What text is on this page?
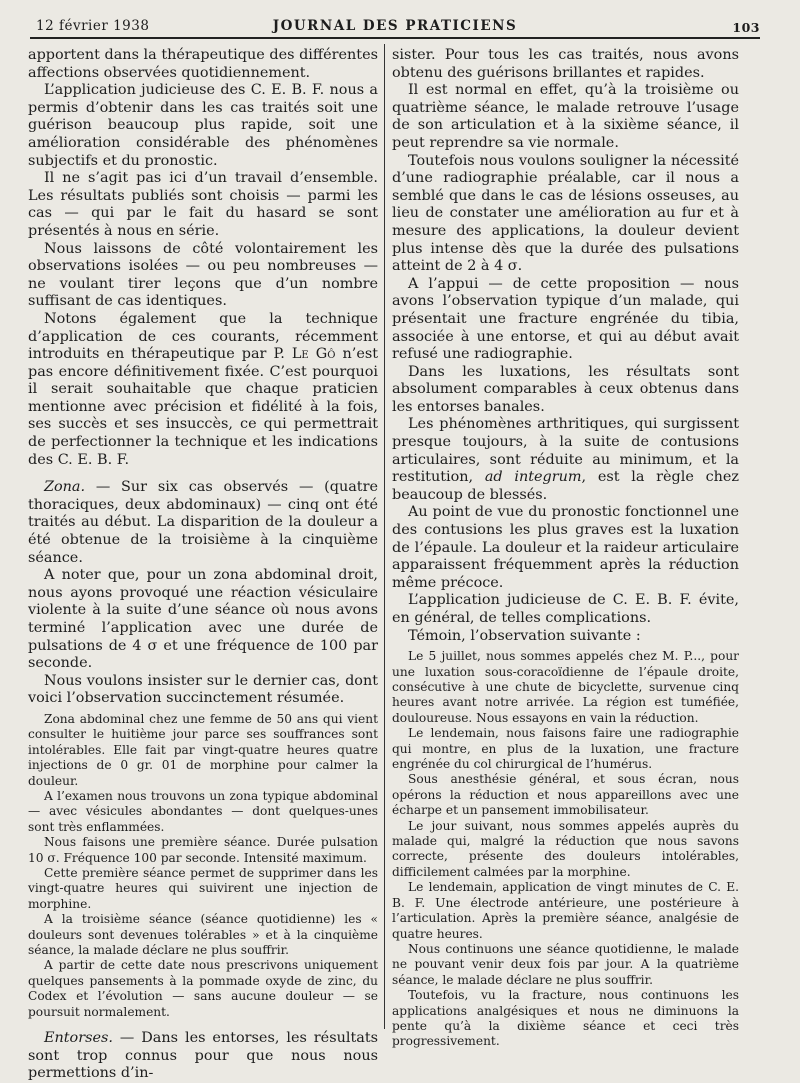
12 février 1938	JOURNAL DES PRATICIENS	103

apportent dans la thérapeutique des différentes affections observées quotidiennement.

L’application judicieuse des C. E. B. F. nous a permis d’obtenir dans les cas traités soit une guérison beaucoup plus rapide, soit une amélioration considérable des phénomènes subjectifs et du pronostic.

Il ne s’agit pas ici d’un travail d’ensemble. Les résultats publiés sont choisis — parmi les cas — qui par le fait du hasard se sont présentés à nous en série.

Nous laissons de côté volontairement les observations isolées — ou peu nombreuses — ne voulant tirer leçons que d’un nombre suffisant de cas identiques.

Notons également que la technique d’application de ces courants, récemment introduits en thérapeutique par P. Le Gô n’est pas encore définitivement fixée. C’est pourquoi il serait souhaitable que chaque praticien mentionne avec précision et fidélité à la fois, ses succès et ses insuccès, ce qui permettrait de perfectionner la technique et les indications des C. E. B. F.

Zona. — Sur six cas observés — (quatre thoraciques, deux abdominaux) — cinq ont été traités au début. La disparition de la douleur a été obtenue de la troisième à la cinquième séance.

A noter que, pour un zona abdominal droit, nous ayons provoqué une réaction vésiculaire violente à la suite d’une séance où nous avons terminé l’application avec une durée de pulsations de 4 σ et une fréquence de 100 par seconde.

Nous voulons insister sur le dernier cas, dont voici l’observation succinctement résumée.

Zona abdominal chez une femme de 50 ans qui vient consulter le huitième jour parce ses souffrances sont intolérables. Elle fait par vingt-quatre heures quatre injections de 0 gr. 01 de morphine pour calmer la douleur.

A l’examen nous trouvons un zona typique abdominal — avec vésicules abondantes — dont quelques-unes sont très enflammées.

Nous faisons une première séance. Durée pulsation 10 σ. Fréquence 100 par seconde. Intensité maximum.

Cette première séance permet de supprimer dans les vingt-quatre heures qui suivirent une injection de morphine.

A la troisième séance (séance quotidienne) les « douleurs sont devenues tolérables » et à la cinquième séance, la malade déclare ne plus souffrir.

A partir de cette date nous prescrivons uniquement quelques pansements à la pommade oxyde de zinc, du Codex et l’évolution — sans aucune douleur — se poursuit normalement.

Entorses. — Dans les entorses, les résultats sont trop connus pour que nous nous permettions d’in-

sister. Pour tous les cas traités, nous avons obtenu des guérisons brillantes et rapides.

Il est normal en effet, qu’à la troisième ou quatrième séance, le malade retrouve l’usage de son articulation et à la sixième séance, il peut reprendre sa vie normale.

Toutefois nous voulons souligner la nécessité d’une radiographie préalable, car il nous a semblé que dans le cas de lésions osseuses, au lieu de constater une amélioration au fur et à mesure des applications, la douleur devient plus intense dès que la durée des pulsations atteint de 2 à 4 σ.

A l’appui — de cette proposition — nous avons l’observation typique d’un malade, qui présentait une fracture engrénée du tibia, associée à une entorse, et qui au début avait refusé une radiographie.

Dans les luxations, les résultats sont absolument comparables à ceux obtenus dans les entorses banales.

Les phénomènes arthritiques, qui surgissent presque toujours, à la suite de contusions articulaires, sont réduite au minimum, et la restitution, ad integrum, est la règle chez beaucoup de blessés.

Au point de vue du pronostic fonctionnel une des contusions les plus graves est la luxation de l’épaule. La douleur et la raideur articulaire apparaissent fréquemment après la réduction même précoce.

L’application judicieuse de C. E. B. F. évite, en général, de telles complications.

Témoin, l’observation suivante :

Le 5 juillet, nous sommes appelés chez M. P..., pour une luxation sous-coracoïdienne de l’épaule droite, consécutive à une chute de bicyclette, survenue cinq heures avant notre arrivée. La région est tuméfiée, douloureuse. Nous essayons en vain la réduction.

Le lendemain, nous faisons faire une radiographie qui montre, en plus de la luxation, une fracture engrénée du col chirurgical de l’humérus.

Sous anesthésie général, et sous écran, nous opérons la réduction et nous appareillons avec une écharpe et un pansement immobilisateur.

Le jour suivant, nous sommes appelés auprès du malade qui, malgré la réduction que nous savons correcte, présente des douleurs intolérables, difficilement calmées par la morphine.

Le lendemain, application de vingt minutes de C. E. B. F. Une électrode antérieure, une postérieure à l’articulation. Après la première séance, analgésie de quatre heures.

Nous continuons une séance quotidienne, le malade ne pouvant venir deux fois par jour. A la quatrième séance, le malade déclare ne plus souffrir.

Toutefois, vu la fracture, nous continuons les applications analgésiques et nous ne diminuons la pente qu’à la dixième séance et ceci très progressivement.
